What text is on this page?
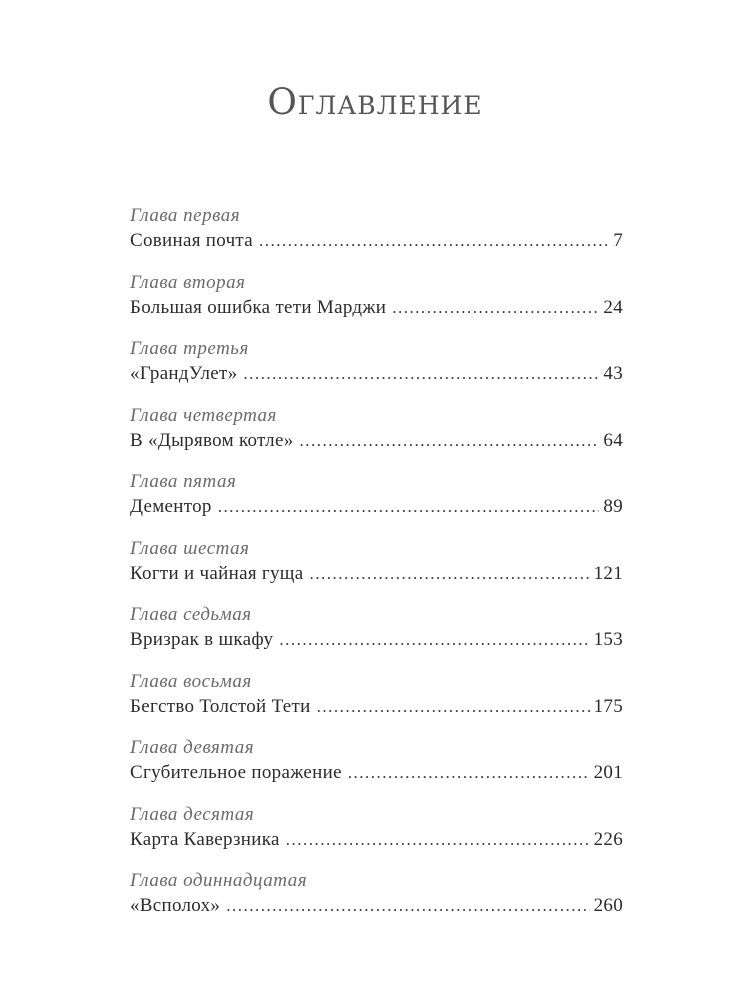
Оглавление
Глава первая
Совиная почта .....	7
Глава вторая
Большая ошибка тети Марджи .....	24
Глава третья
«ГрандУлет» .....	43
Глава четвертая
В «Дырявом котле» .....	64
Глава пятая
Дементор .....	89
Глава шестая
Когти и чайная гуща .....	121
Глава седьмая
Вризрак в шкафу .....	153
Глава восьмая
Бегство Толстой Тети .....	175
Глава девятая
Сгубительное поражение .....	201
Глава десятая
Карта Каверзника .....	226
Глава одиннадцатая
«Всполох» .....	260
